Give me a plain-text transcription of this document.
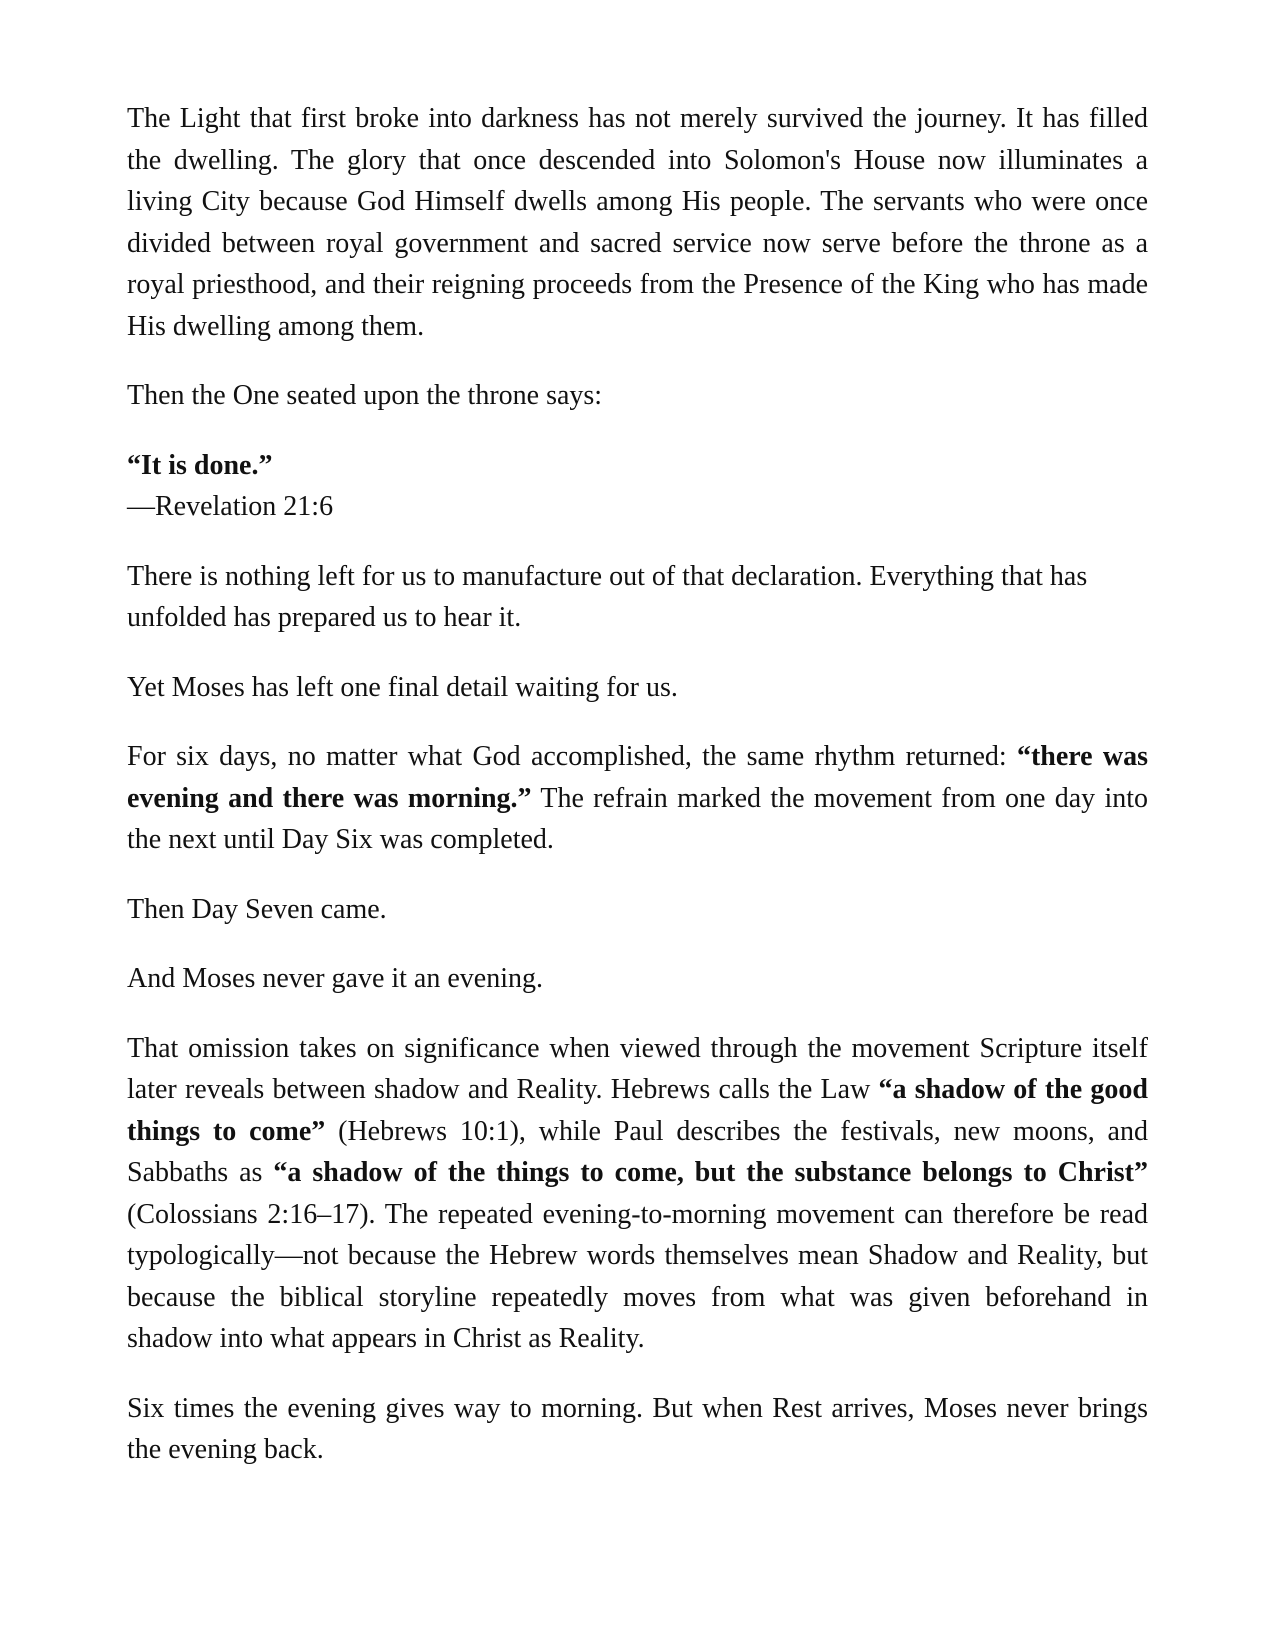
The Light that first broke into darkness has not merely survived the journey. It has filled the dwelling. The glory that once descended into Solomon's House now illuminates a living City because God Himself dwells among His people. The servants who were once divided between royal government and sacred service now serve before the throne as a royal priesthood, and their reigning proceeds from the Presence of the King who has made His dwelling among them.

Then the One seated upon the throne says:

“It is done.”
—Revelation 21:6

There is nothing left for us to manufacture out of that declaration. Everything that has unfolded has prepared us to hear it.

Yet Moses has left one final detail waiting for us.

For six days, no matter what God accomplished, the same rhythm returned: “there was evening and there was morning.” The refrain marked the movement from one day into the next until Day Six was completed.

Then Day Seven came.

And Moses never gave it an evening.

That omission takes on significance when viewed through the movement Scripture itself later reveals between shadow and Reality. Hebrews calls the Law “a shadow of the good things to come” (Hebrews 10:1), while Paul describes the festivals, new moons, and Sabbaths as “a shadow of the things to come, but the substance belongs to Christ” (Colossians 2:16–17). The repeated evening-to-morning movement can therefore be read typologically—not because the Hebrew words themselves mean Shadow and Reality, but because the biblical storyline repeatedly moves from what was given beforehand in shadow into what appears in Christ as Reality.

Six times the evening gives way to morning. But when Rest arrives, Moses never brings the evening back.
